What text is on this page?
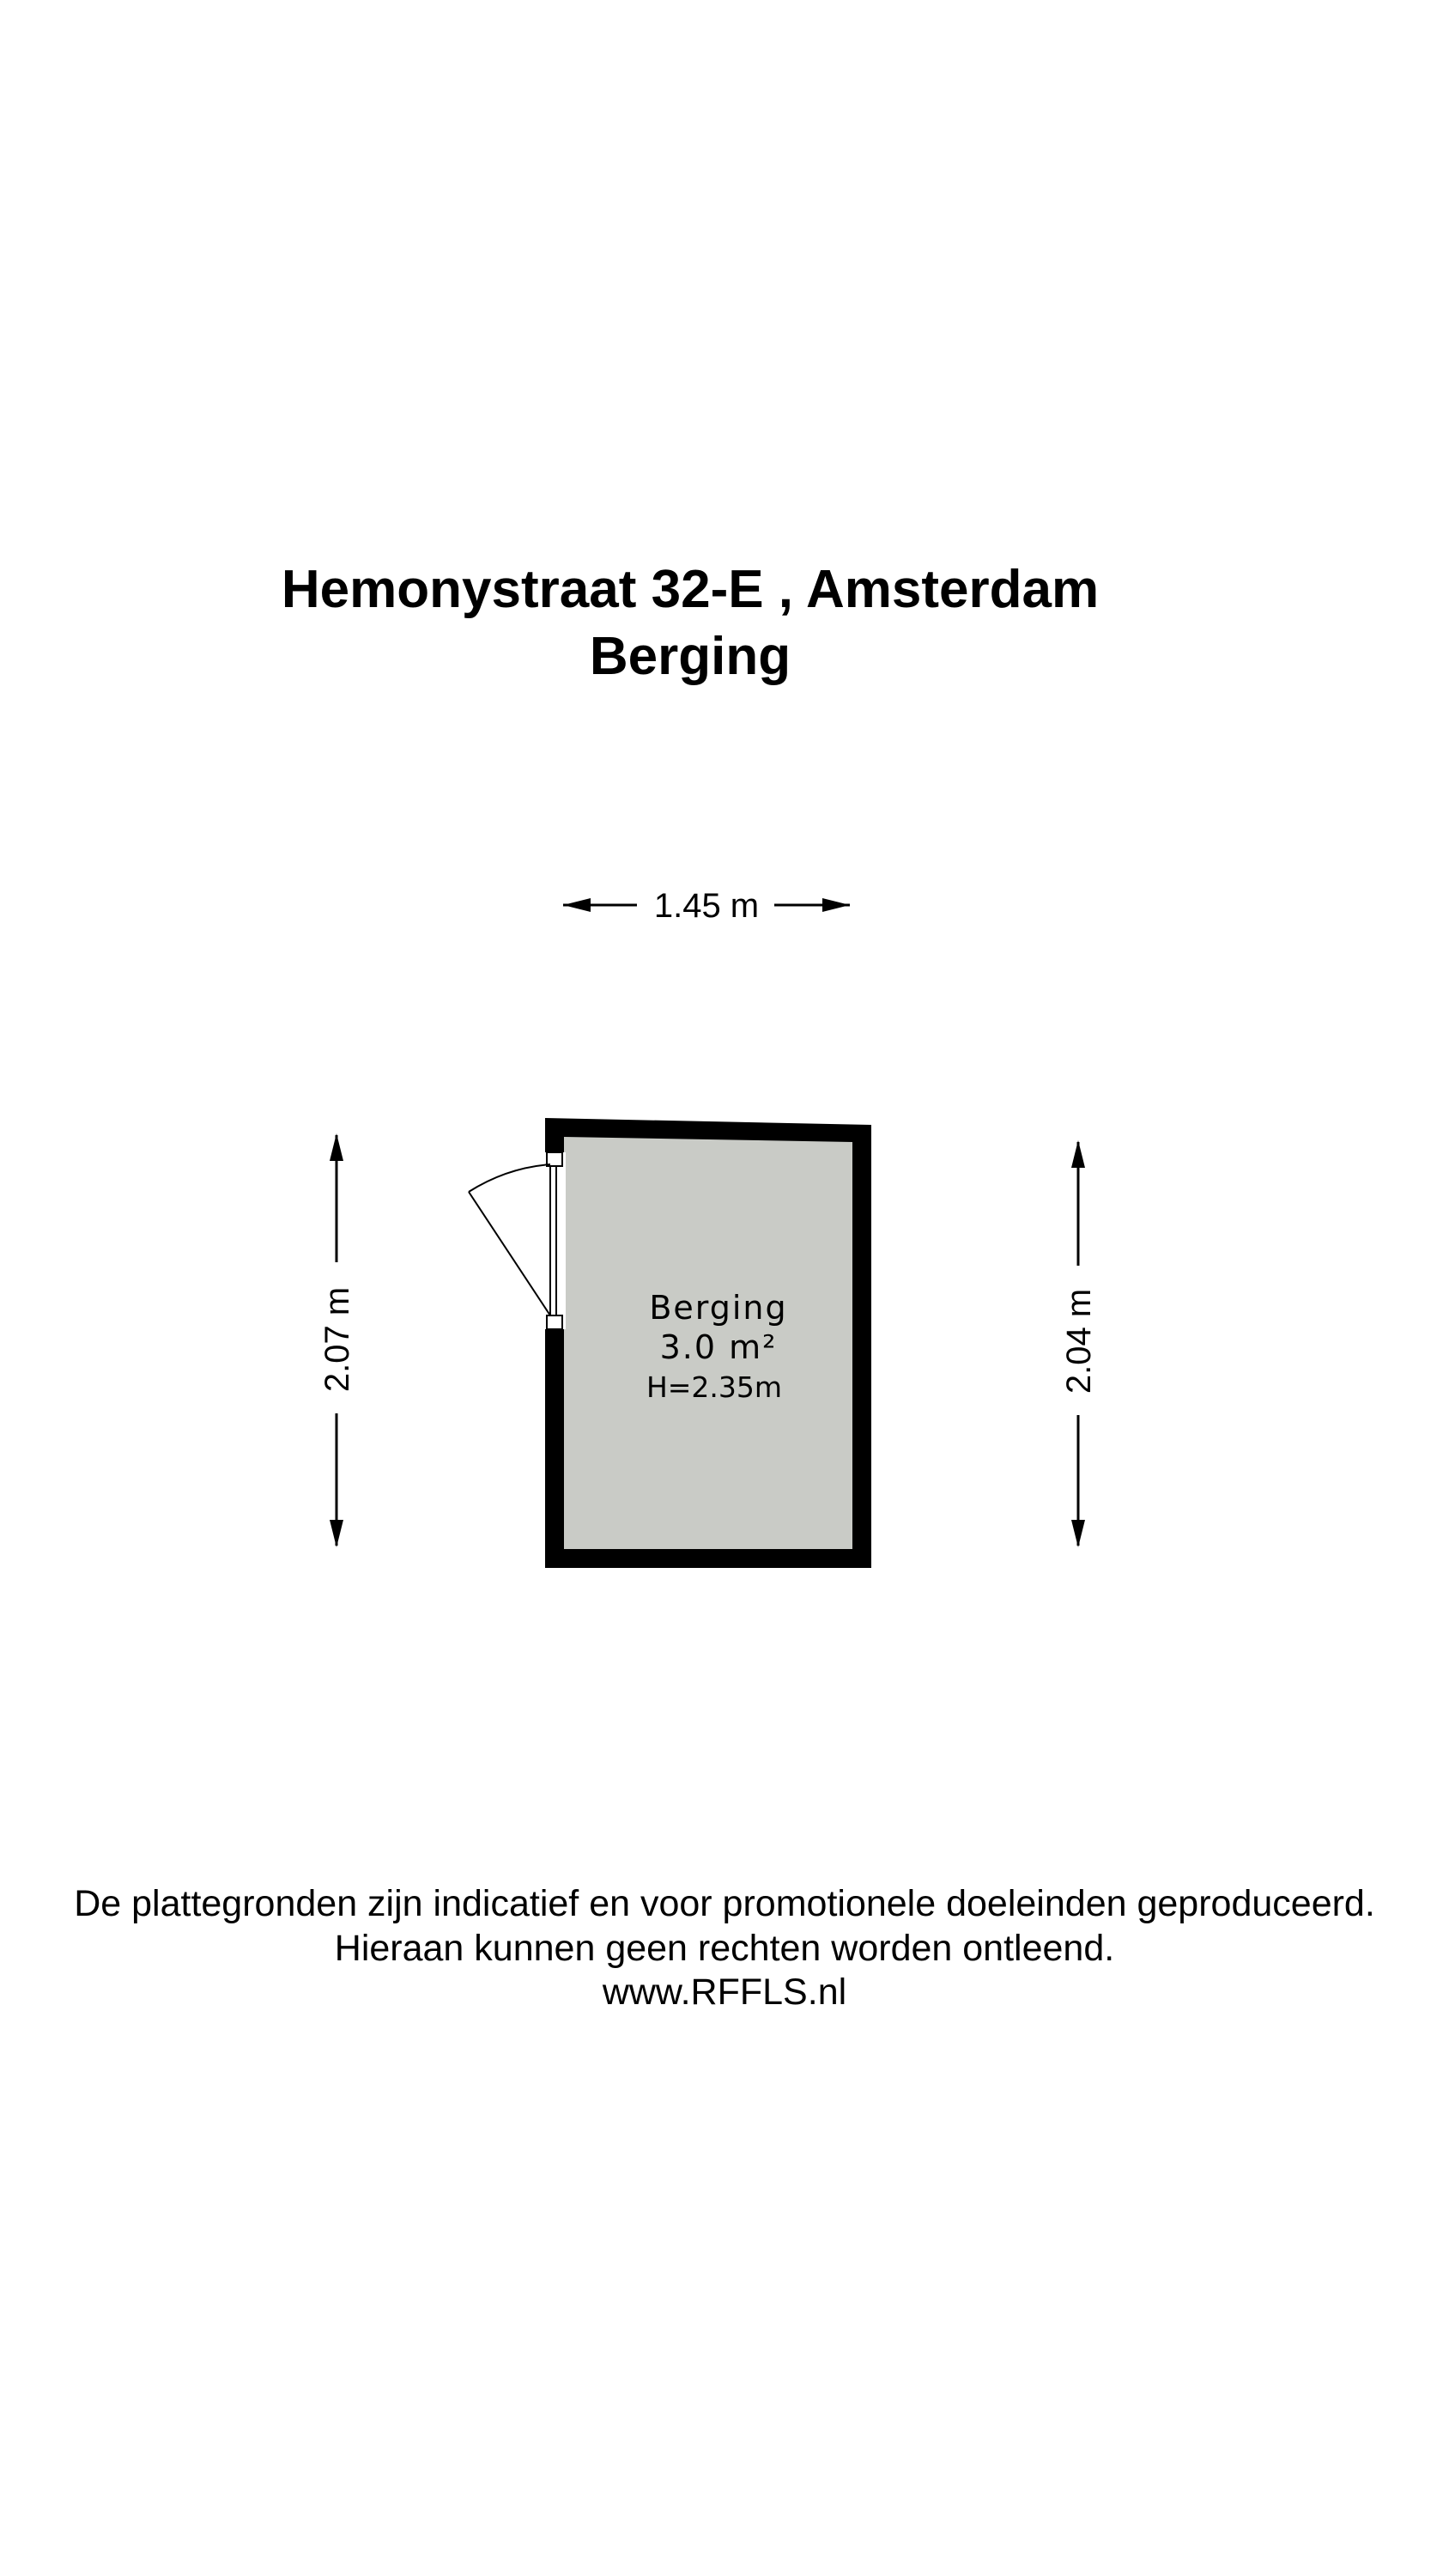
Hemonystraat 32-E , Amsterdam
Berging
1.45 m
2.07 m	2.04 m
Berging
3.0 m²
H=2.35m
De plattegronden zijn indicatief en voor promotionele doeleinden geproduceerd.
Hieraan kunnen geen rechten worden ontleend.
www.RFFLS.nl
